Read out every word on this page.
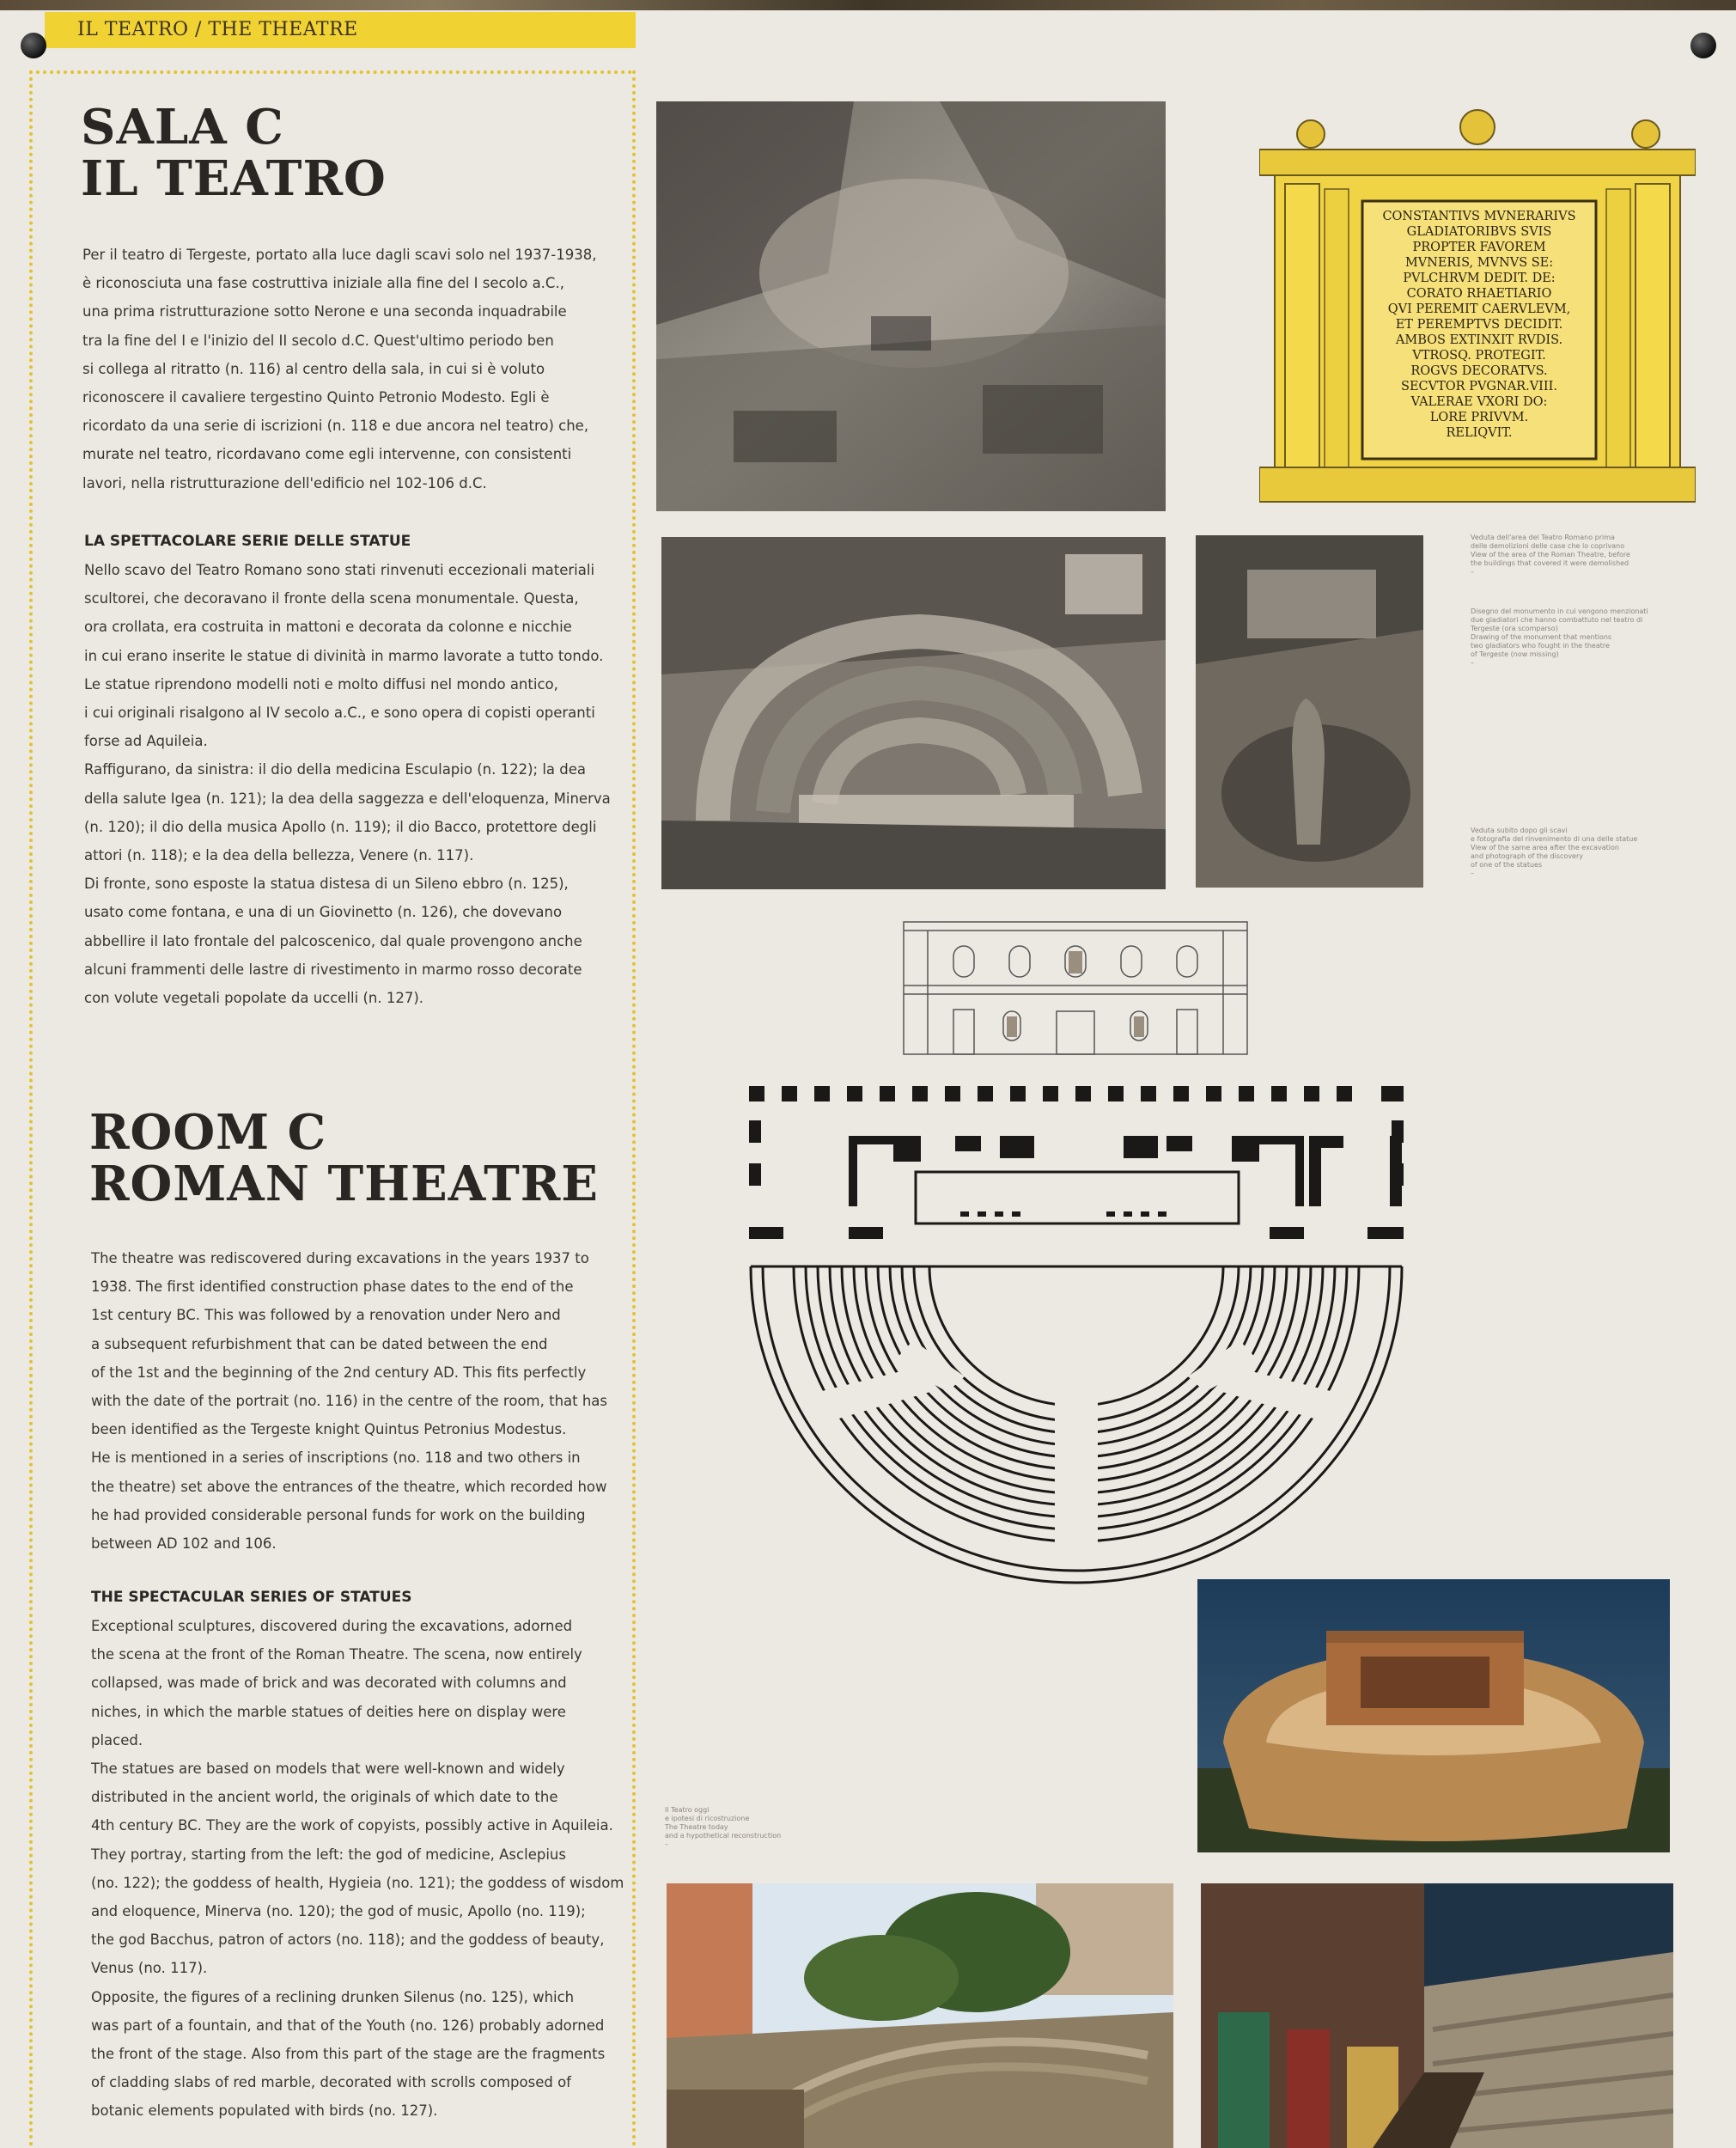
IL TEATRO / THE THEATRE
SALA C
IL TEATRO
Per il teatro di Tergeste, portato alla luce dagli scavi solo nel 1937-1938,
è riconosciuta una fase costruttiva iniziale alla fine del I secolo a.C.,
una prima ristrutturazione sotto Nerone e una seconda inquadrabile
tra la fine del I e l'inizio del II secolo d.C. Quest'ultimo periodo ben
si collega al ritratto (n. 116) al centro della sala, in cui si è voluto
riconoscere il cavaliere tergestino Quinto Petronio Modesto. Egli è
ricordato da una serie di iscrizioni (n. 118 e due ancora nel teatro) che,
murate nel teatro, ricordavano come egli intervenne, con consistenti
lavori, nella ristrutturazione dell'edificio nel 102-106 d.C.
LA SPETTACOLARE SERIE DELLE STATUE
Nello scavo del Teatro Romano sono stati rinvenuti eccezionali materiali
scultorei, che decoravano il fronte della scena monumentale. Questa,
ora crollata, era costruita in mattoni e decorata da colonne e nicchie
in cui erano inserite le statue di divinità in marmo lavorate a tutto tondo.
Le statue riprendono modelli noti e molto diffusi nel mondo antico,
i cui originali risalgono al IV secolo a.C., e sono opera di copisti operanti
forse ad Aquileia.
Raffigurano, da sinistra: il dio della medicina Esculapio (n. 122); la dea
della salute Igea (n. 121); la dea della saggezza e dell'eloquenza, Minerva
(n. 120); il dio della musica Apollo (n. 119); il dio Bacco, protettore degli
attori (n. 118); e la dea della bellezza, Venere (n. 117).
Di fronte, sono esposte la statua distesa di un Sileno ebbro (n. 125),
usato come fontana, e una di un Giovinetto (n. 126), che dovevano
abbellire il lato frontale del palcoscenico, dal quale provengono anche
alcuni frammenti delle lastre di rivestimento in marmo rosso decorate
con volute vegetali popolate da uccelli (n. 127).
ROOM C
ROMAN THEATRE
The theatre was rediscovered during excavations in the years 1937 to
1938. The first identified construction phase dates to the end of the
1st century BC. This was followed by a renovation under Nero and
a subsequent refurbishment that can be dated between the end
of the 1st and the beginning of the 2nd century AD. This fits perfectly
with the date of the portrait (no. 116) in the centre of the room, that has
been identified as the Tergeste knight Quintus Petronius Modestus.
He is mentioned in a series of inscriptions (no. 118 and two others in
the theatre) set above the entrances of the theatre, which recorded how
he had provided considerable personal funds for work on the building
between AD 102 and 106.
THE SPECTACULAR SERIES OF STATUES
Exceptional sculptures, discovered during the excavations, adorned
the scena at the front of the Roman Theatre. The scena, now entirely
collapsed, was made of brick and was decorated with columns and
niches, in which the marble statues of deities here on display were
placed.
The statues are based on models that were well-known and widely
distributed in the ancient world, the originals of which date to the
4th century BC. They are the work of copyists, possibly active in Aquileia.
They portray, starting from the left: the god of medicine, Asclepius
(no. 122); the goddess of health, Hygieia (no. 121); the goddess of wisdom
and eloquence, Minerva (no. 120); the god of music, Apollo (no. 119);
the god Bacchus, patron of actors (no. 118); and the goddess of beauty,
Venus (no. 117).
Opposite, the figures of a reclining drunken Silenus (no. 125), which
was part of a fountain, and that of the Youth (no. 126) probably adorned
the front of the stage. Also from this part of the stage are the fragments
of cladding slabs of red marble, decorated with scrolls composed of
botanic elements populated with birds (no. 127).
CONSTANTIVS MVNERARIVS
GLADIATORIBVS SVIS
PROPTER FAVOREM
MVNERIS, MVNVS SE:
PVLCHRVM DEDIT. DE:
CORATO RHAETIARIO
QVI PEREMIT CAERVLEVM,
ET PEREMPTVS DECIDIT.
AMBOS EXTINXIT RVDIS.
VTROSQ. PROTEGIT.
ROGVS DECORATVS.
SECVTOR PVGNAR.VIII.
VALERAE VXORI DO:
LORE PRIVVM.
RELIQVIT.
Veduta dell'area del Teatro Romano prima
delle demolizioni delle case che lo coprivano
View of the area of the Roman Theatre, before
the buildings that covered it were demolished
–
Disegno del monumento in cui vengono menzionati
due gladiatori che hanno combattuto nel teatro di
Tergeste (ora scomparso)
Drawing of the monument that mentions
two gladiators who fought in the theatre
of Tergeste (now missing)
–
Veduta subito dopo gli scavi
e fotografia del rinvenimento di una delle statue
View of the same area after the excavation
and photograph of the discovery
of one of the statues
–
Il Teatro oggi
e ipotesi di ricostruzione
The Theatre today
and a hypothetical reconstruction
–
